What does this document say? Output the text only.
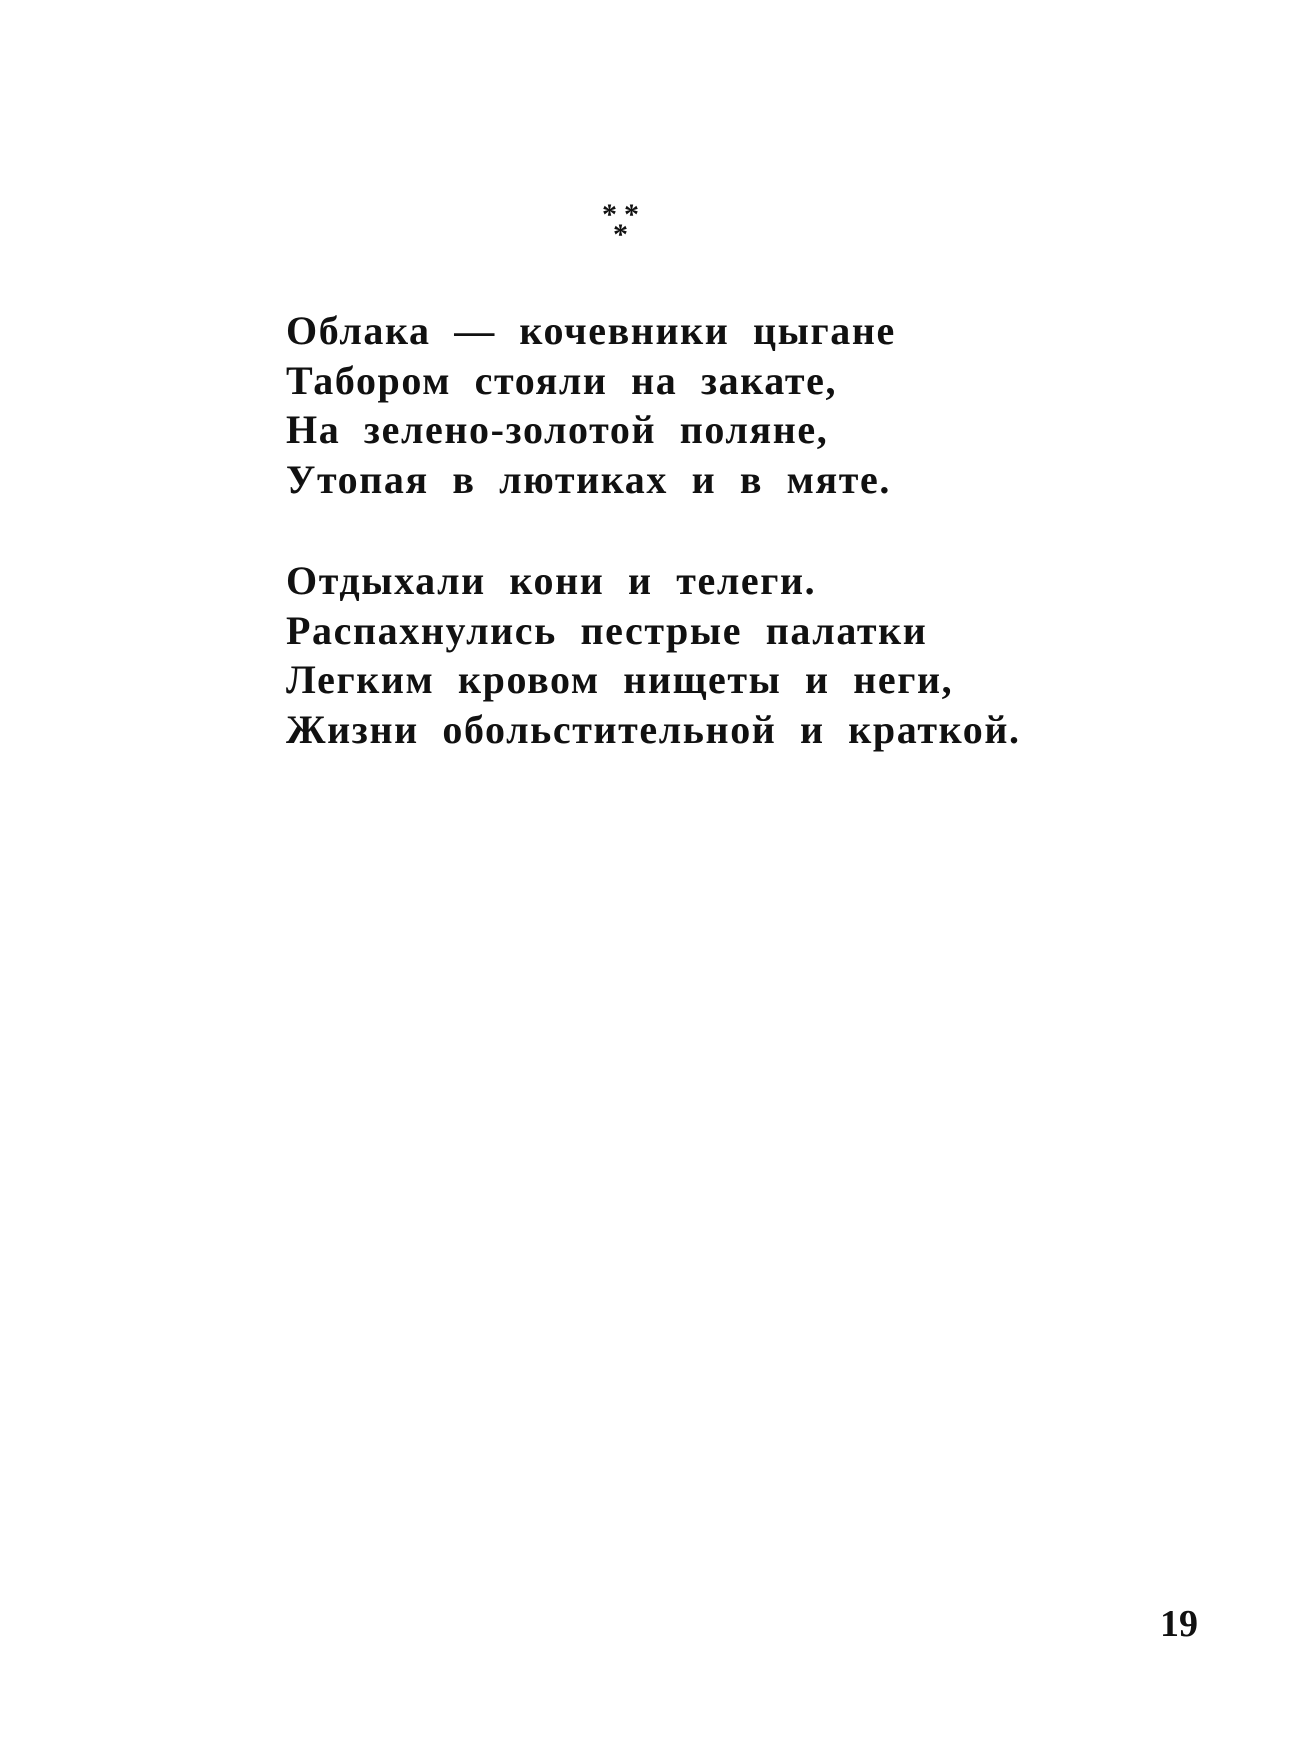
* *
*
Облака — кочевники цыгане
Табором стояли на закате,
На зелено-золотой поляне,
Утопая в лютиках и в мяте.
Отдыхали кони и телеги.
Распахнулись пестрые палатки
Легким кровом нищеты и неги,
Жизни обольстительной и краткой.
19
